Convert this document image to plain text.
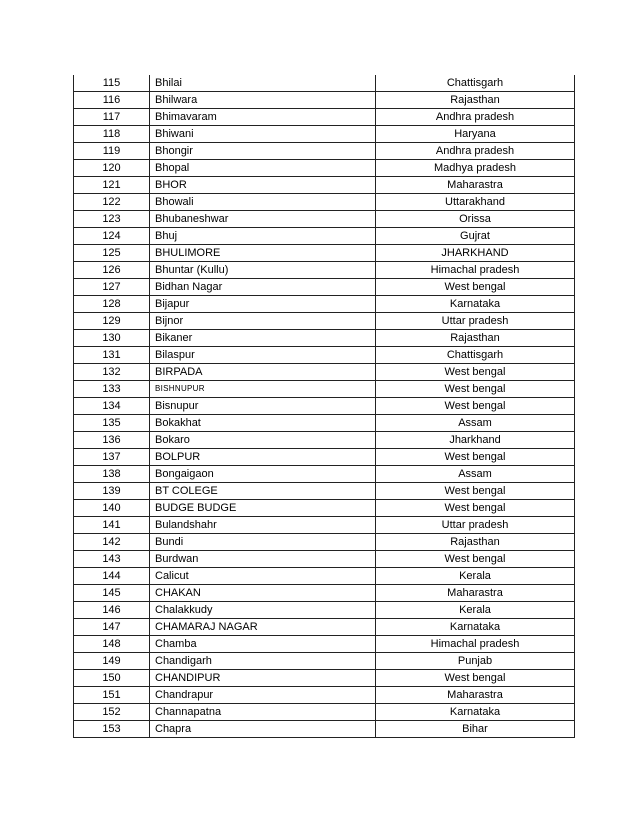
115	Bhilai	Chattisgarh
116	Bhilwara	Rajasthan
117	Bhimavaram	Andhra pradesh
118	Bhiwani	Haryana
119	Bhongir	Andhra pradesh
120	Bhopal	Madhya pradesh
121	BHOR	Maharastra
122	Bhowali	Uttarakhand
123	Bhubaneshwar	Orissa
124	Bhuj	Gujrat
125	BHULIMORE	JHARKHAND
126	Bhuntar (Kullu)	Himachal pradesh
127	Bidhan Nagar	West bengal
128	Bijapur	Karnataka
129	Bijnor	Uttar pradesh
130	Bikaner	Rajasthan
131	Bilaspur	Chattisgarh
132	BIRPADA	West bengal
133	BISHNUPUR	West bengal
134	Bisnupur	West bengal
135	Bokakhat	Assam
136	Bokaro	Jharkhand
137	BOLPUR	West bengal
138	Bongaigaon	Assam
139	BT COLEGE	West bengal
140	BUDGE BUDGE	West bengal
141	Bulandshahr	Uttar pradesh
142	Bundi	Rajasthan
143	Burdwan	West bengal
144	Calicut	Kerala
145	CHAKAN	Maharastra
146	Chalakkudy	Kerala
147	CHAMARAJ NAGAR	Karnataka
148	Chamba	Himachal pradesh
149	Chandigarh	Punjab
150	CHANDIPUR	West bengal
151	Chandrapur	Maharastra
152	Channapatna	Karnataka
153	Chapra	Bihar
